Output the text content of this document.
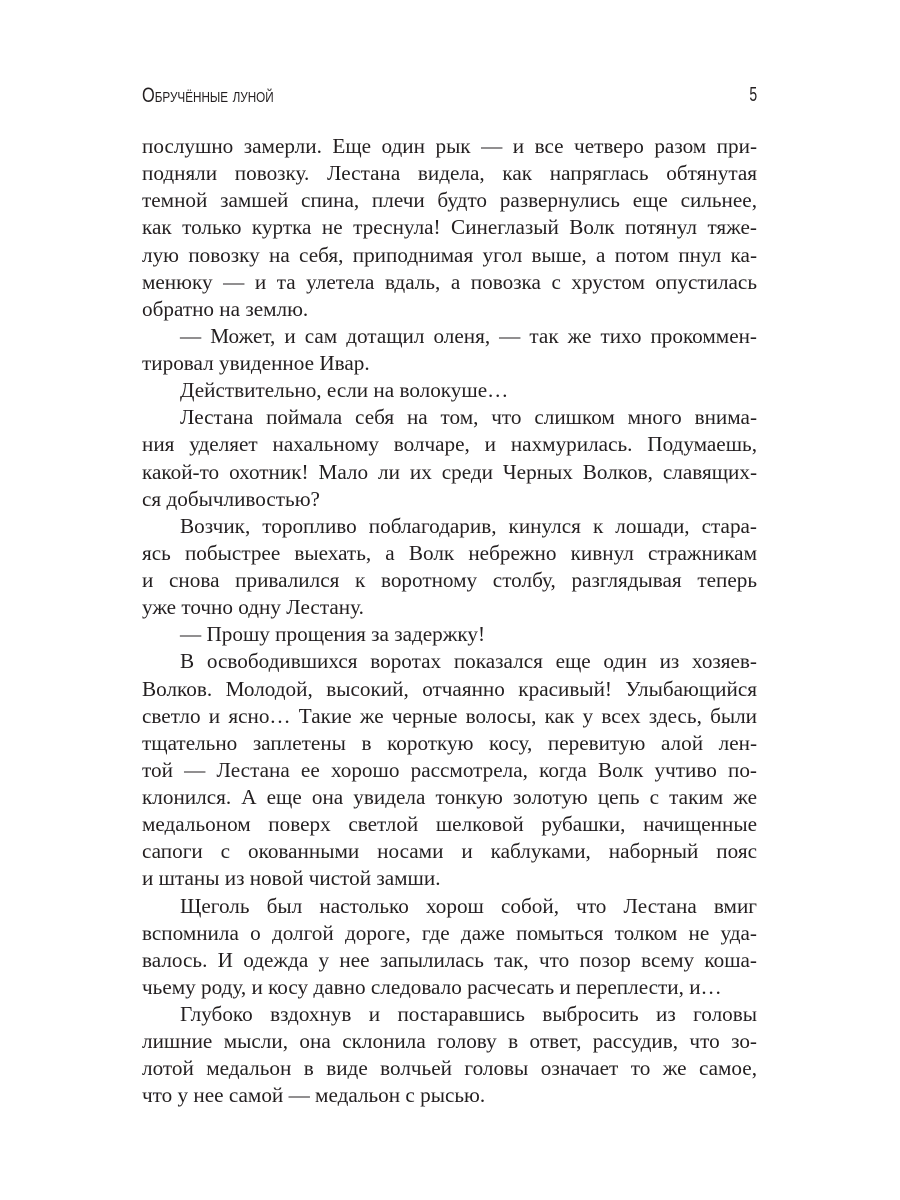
Обручённые луной	5
послушно замерли. Еще один рык — и все четверо разом при-
подняли повозку. Лестана видела, как напряглась обтянутая
темной замшей спина, плечи будто развернулись еще сильнее,
как только куртка не треснула! Синеглазый Волк потянул тяже-
лую повозку на себя, приподнимая угол выше, а потом пнул ка-
менюку — и та улетела вдаль, а повозка с хрустом опустилась
обратно на землю.
— Может, и сам дотащил оленя, — так же тихо прокоммен-
тировал увиденное Ивар.
Действительно, если на волокуше…
Лестана поймала себя на том, что слишком много внима-
ния уделяет нахальному волчаре, и нахмурилась. Подумаешь,
какой-то охотник! Мало ли их среди Черных Волков, славящих-
ся добычливостью?
Возчик, торопливо поблагодарив, кинулся к лошади, стара-
ясь побыстрее выехать, а Волк небрежно кивнул стражникам
и снова привалился к воротному столбу, разглядывая теперь
уже точно одну Лестану.
— Прошу прощения за задержку!
В освободившихся воротах показался еще один из хозяев-
Волков. Молодой, высокий, отчаянно красивый! Улыбающийся
светло и ясно… Такие же черные волосы, как у всех здесь, были
тщательно заплетены в короткую косу, перевитую алой лен-
той — Лестана ее хорошо рассмотрела, когда Волк учтиво по-
клонился. А еще она увидела тонкую золотую цепь с таким же
медальоном поверх светлой шелковой рубашки, начищенные
сапоги с окованными носами и каблуками, наборный пояс
и штаны из новой чистой замши.
Щеголь был настолько хорош собой, что Лестана вмиг
вспомнила о долгой дороге, где даже помыться толком не уда-
валось. И одежда у нее запылилась так, что позор всему коша-
чьему роду, и косу давно следовало расчесать и переплести, и…
Глубоко вздохнув и постаравшись выбросить из головы
лишние мысли, она склонила голову в ответ, рассудив, что зо-
лотой медальон в виде волчьей головы означает то же самое,
что у нее самой — медальон с рысью.
